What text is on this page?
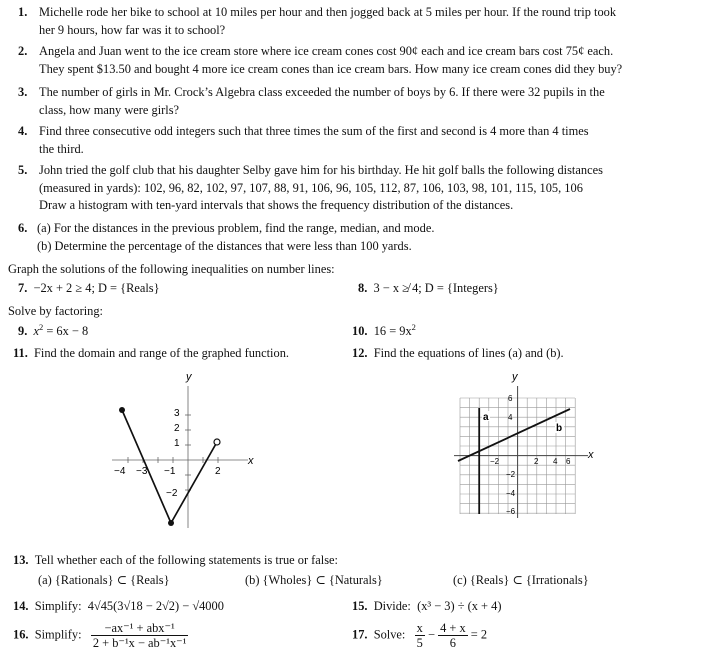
1. Michelle rode her bike to school at 10 miles per hour and then jogged back at 5 miles per hour. If the round trip took
her 9 hours, how far was it to school?
2. Angela and Juan went to the ice cream store where ice cream cones cost 90¢ each and ice cream bars cost 75¢ each.
They spent $13.50 and bought 4 more ice cream cones than ice cream bars. How many ice cream cones did they buy?
3. The number of girls in Mr. Crock’s Algebra class exceeded the number of boys by 6. If there were 32 pupils in the
class, how many were girls?
4. Find three consecutive odd integers such that three times the sum of the first and second is 4 more than 4 times
the third.
5. John tried the golf club that his daughter Selby gave him for his birthday. He hit golf balls the following distances
(measured in yards): 102, 96, 82, 102, 97, 107, 88, 91, 106, 96, 105, 112, 87, 106, 103, 98, 101, 115, 105, 106
Draw a histogram with ten-yard intervals that shows the frequency distribution of the distances.
6. (a) For the distances in the previous problem, find the range, median, and mode.
(b) Determine the percentage of the distances that were less than 100 yards.
Graph the solutions of the following inequalities on number lines:
7. −2x + 2 ≥ 4; D = {Reals}	8. 3 − x ≱ 4; D = {Integers}
Solve by factoring:
9. $x^2 = 6x - 8$	10. $16 = 9x^2$
11. Find the domain and range of the graphed function.	12. Find the equations of lines (a) and (b).
y
x
−4 −3 −1	2
3
2
1
−2
y
x
−2	2 4 6
6
4
−2
−4
−6
a
b
13. Tell whether each of the following statements is true or false:
(a) {Rationals} ⊂ {Reals}	(b) {Wholes} ⊂ {Naturals}	(c) {Reals} ⊂ {Irrationals}
14. Simplify: 4√45(3√18 − 2√2) − √4000	15. Divide: (x³ − 3) ÷ (x + 4)
16. Simplify: $\frac{\text{−ax⁻¹ + abx⁻¹}}{\text{2 + b⁻¹x − ab⁻¹x⁻¹}}$	17. Solve: $\frac{x}{5} - \frac{4 + x}{6} = 2$
